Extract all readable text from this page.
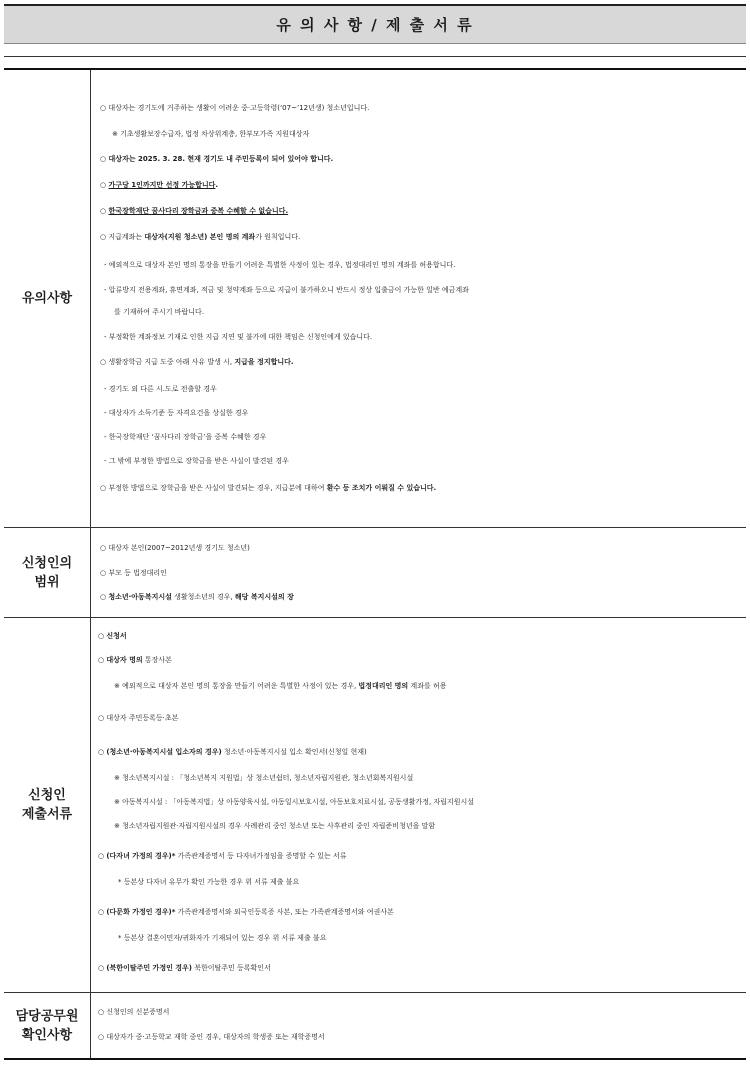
유 의 사 항 / 제 출 서 류
유의사항
○ 대상자는 경기도에 거주하는 생활이 어려운 중·고등학령(‘07~’12년생) 청소년입니다.
※ 기초생활보장수급자, 법정 차상위계층, 한부모가족 지원대상자
○ 대상자는 2025. 3. 28. 현재 경기도 내 주민등록이 되어 있어야 합니다.
○ 가구당 1인까지만 선정 가능합니다.
○ 한국장학재단 꿈사다리 장학금과 중복 수혜할 수 없습니다.
○ 지급계좌는 대상자(지원 청소년) 본인 명의 계좌가 원칙입니다.
- 예외적으로 대상자 본인 명의 통장을 만들기 어려운 특별한 사정이 있는 경우, 법정대리인 명의 계좌를 허용합니다.
- 압류방지 전용계좌, 휴면계좌, 적금 및 청약계좌 등으로 지급이 불가하오니 반드시 정상 입출금이 가능한 일반 예금계좌
를 기재하여 주시기 바랍니다.
- 부정확한 계좌정보 기재로 인한 지급 지연 및 불가에 대한 책임은 신청인에게 있습니다.
○ 생활장학금 지급 도중 아래 사유 발생 시, 지급을 정지합니다.
- 경기도 외 다른 시.도로 전출할 경우
- 대상자가 소득기준 등 자격요건을 상실한 경우
- 한국장학재단 ‘꿈사다리 장학금’을 중복 수혜한 경우
- 그 밖에 부정한 방법으로 장학금을 받은 사실이 발견된 경우
○ 부정한 방법으로 장학금을 받은 사실이 발견되는 경우, 지급분에 대하여 환수 등 조치가 이뤄질 수 있습니다.
신청인의
범위
○ 대상자 본인(2007~2012년생 경기도 청소년)
○ 부모 등 법정대리인
○ 청소년·아동복지시설 생활청소년의 경우, 해당 복지시설의 장
신청인
제출서류
○ 신청서
○ 대상자 명의 통장사본
※ 예외적으로 대상자 본인 명의 통장을 만들기 어려운 특별한 사정이 있는 경우, 법정대리인 명의 계좌를 허용
○ 대상자 주민등록등·초본
○ (청소년·아동복지시설 입소자의 경우) 청소년·아동복지시설 입소 확인서(신청일 현재)
※ 청소년복지시설 : 「청소년복지 지원법」상 청소년쉼터, 청소년자립지원관, 청소년회복지원시설
※ 아동복지시설 : 「아동복지법」상 아동양육시설, 아동일시보호시설, 아동보호치료시설, 공동생활가정, 자립지원시설
※ 청소년자립지원관·자립지원시설의 경우 사례관리 중인 청소년 또는 사후관리 중인 자립준비청년을 말함
○ (다자녀 가정의 경우)* 가족관계증명서 등 다자녀가정임을 증명할 수 있는 서류
* 등본상 다자녀 유무가 확인 가능한 경우 위 서류 제출 불요
○ (다문화 가정인 경우)* 가족관계증명서와 외국인등록증 사본, 또는 가족관계증명서와 여권사본
* 등본상 결혼이민자/귀화자가 기재되어 있는 경우 위 서류 제출 불요
○ (북한이탈주민 가정인 경우) 북한이탈주민 등록확인서
담당공무원
확인사항
○ 신청인의 신분증명서
○ 대상자가 중·고등학교 재학 중인 경우, 대상자의 학생증 또는 재학증명서
